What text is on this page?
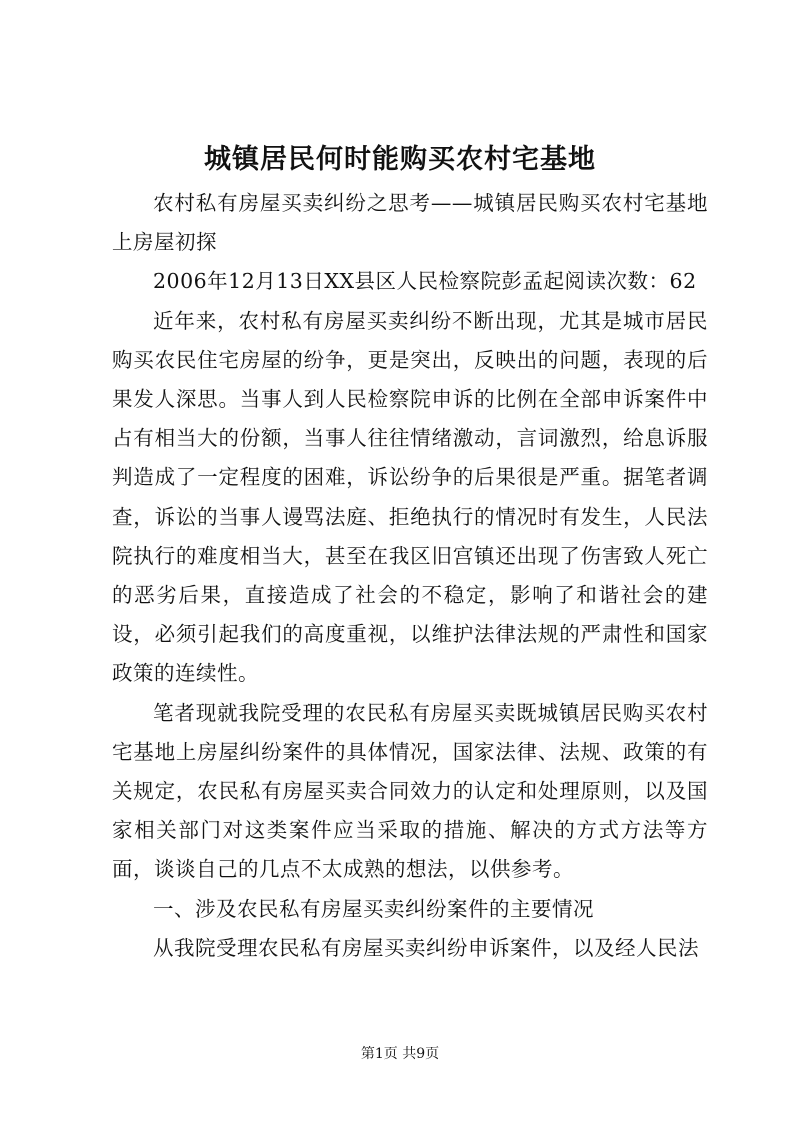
城镇居民何时能购买农村宅基地

农村私有房屋买卖纠纷之思考——城镇居民购买农村宅基地上房屋初探

2006年12月13日XX县区人民检察院彭孟起阅读次数：62

近年来，农村私有房屋买卖纠纷不断出现，尤其是城市居民购买农民住宅房屋的纷争，更是突出，反映出的问题，表现的后果发人深思。当事人到人民检察院申诉的比例在全部申诉案件中占有相当大的份额，当事人往往情绪激动，言词激烈，给息诉服判造成了一定程度的困难，诉讼纷争的后果很是严重。据笔者调查，诉讼的当事人谩骂法庭、拒绝执行的情况时有发生，人民法院执行的难度相当大，甚至在我区旧宫镇还出现了伤害致人死亡的恶劣后果，直接造成了社会的不稳定，影响了和谐社会的建设，必须引起我们的高度重视，以维护法律法规的严肃性和国家政策的连续性。

笔者现就我院受理的农民私有房屋买卖既城镇居民购买农村宅基地上房屋纠纷案件的具体情况，国家法律、法规、政策的有关规定，农民私有房屋买卖合同效力的认定和处理原则，以及国家相关部门对这类案件应当采取的措施、解决的方式方法等方面，谈谈自己的几点不太成熟的想法，以供参考。

一、涉及农民私有房屋买卖纠纷案件的主要情况

从我院受理农民私有房屋买卖纠纷申诉案件，以及经人民法

第1页 共9页
